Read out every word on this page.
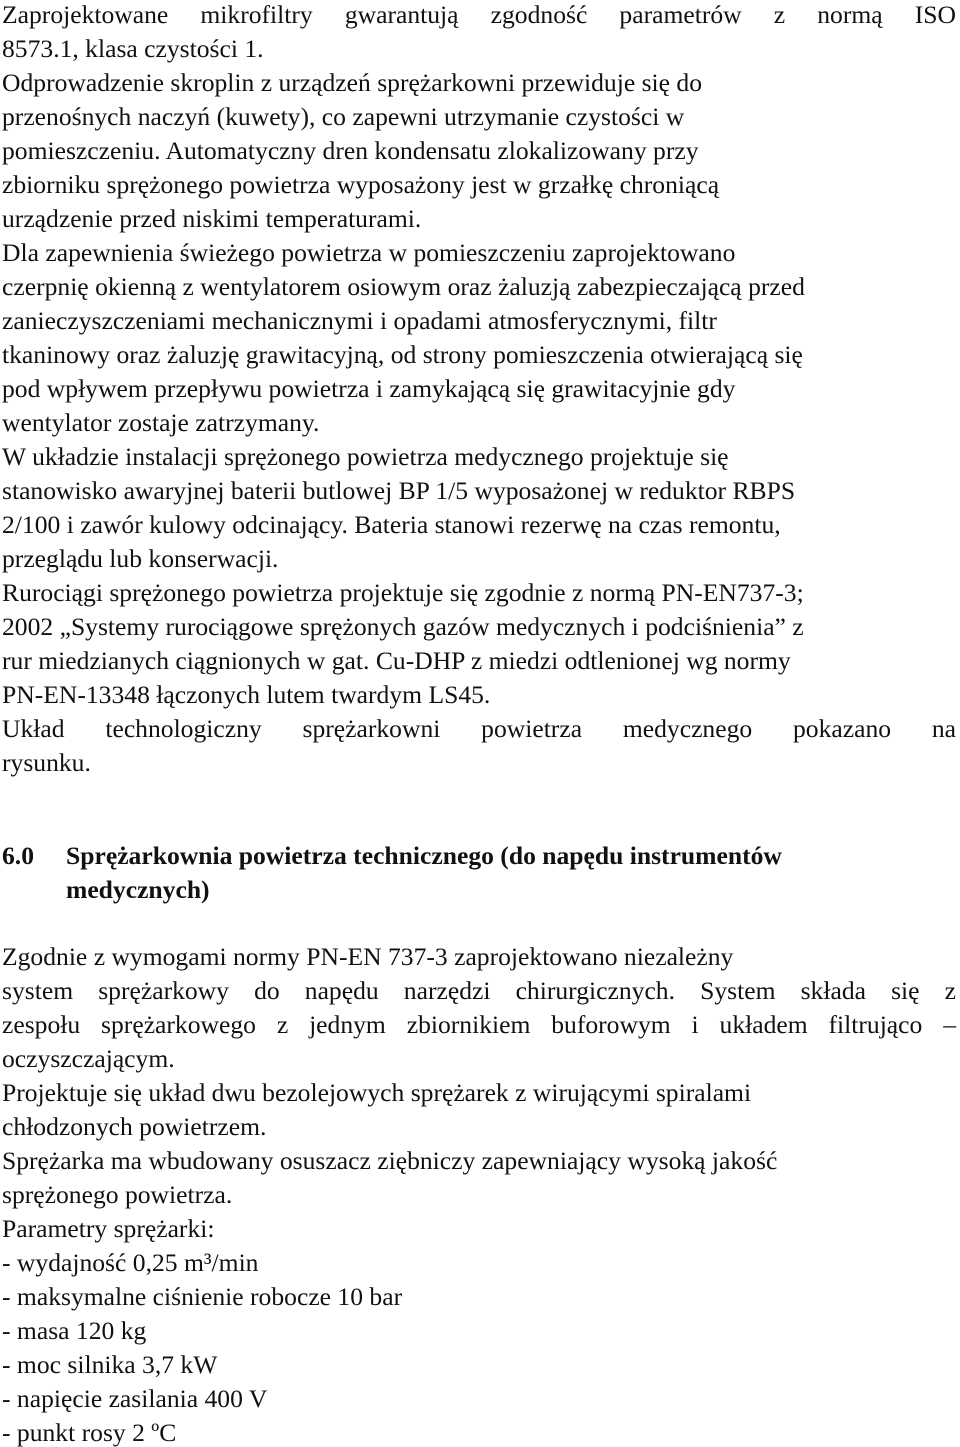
Zaprojektowane mikrofiltry gwarantują zgodność parametrów z normą ISO
8573.1, klasa czystości 1.
Odprowadzenie skroplin z urządzeń sprężarkowni przewiduje się do
przenośnych naczyń (kuwety), co zapewni utrzymanie czystości w
pomieszczeniu. Automatyczny dren kondensatu zlokalizowany przy
zbiorniku sprężonego powietrza wyposażony jest w grzałkę chroniącą
urządzenie przed niskimi temperaturami.
Dla zapewnienia świeżego powietrza w pomieszczeniu zaprojektowano
czerpnię okienną z wentylatorem osiowym oraz żaluzją zabezpieczającą przed
zanieczyszczeniami mechanicznymi i opadami atmosferycznymi, filtr
tkaninowy oraz żaluzję grawitacyjną, od strony pomieszczenia otwierającą się
pod wpływem przepływu powietrza i zamykającą się grawitacyjnie gdy
wentylator zostaje zatrzymany.
W układzie instalacji sprężonego powietrza medycznego projektuje się
stanowisko awaryjnej baterii butlowej BP 1/5 wyposażonej w reduktor RBPS
2/100 i zawór kulowy odcinający. Bateria stanowi rezerwę na czas remontu,
przeglądu lub konserwacji.
Rurociągi sprężonego powietrza projektuje się zgodnie z normą PN-EN737-3;
2002 „Systemy rurociągowe sprężonych gazów medycznych i podciśnienia” z
rur miedzianych ciągnionych w gat. Cu-DHP z miedzi odtlenionej wg normy
PN-EN-13348 łączonych lutem twardym LS45.
Układ technologiczny sprężarkowni powietrza medycznego pokazano na
rysunku.
6.0 Sprężarkownia powietrza technicznego (do napędu instrumentów
medycznych)
Zgodnie z wymogami normy PN-EN 737-3 zaprojektowano niezależny
system sprężarkowy do napędu narzędzi chirurgicznych. System składa się z
zespołu sprężarkowego z jednym zbiornikiem buforowym i układem filtrująco –
oczyszczającym.
Projektuje się układ dwu bezolejowych sprężarek z wirującymi spiralami
chłodzonych powietrzem.
Sprężarka ma wbudowany osuszacz ziębniczy zapewniający wysoką jakość
sprężonego powietrza.
Parametry sprężarki:
- wydajność 0,25 m³/min
- maksymalne ciśnienie robocze 10 bar
- masa 120 kg
- moc silnika 3,7 kW
- napięcie zasilania 400 V
- punkt rosy 2 ºC
